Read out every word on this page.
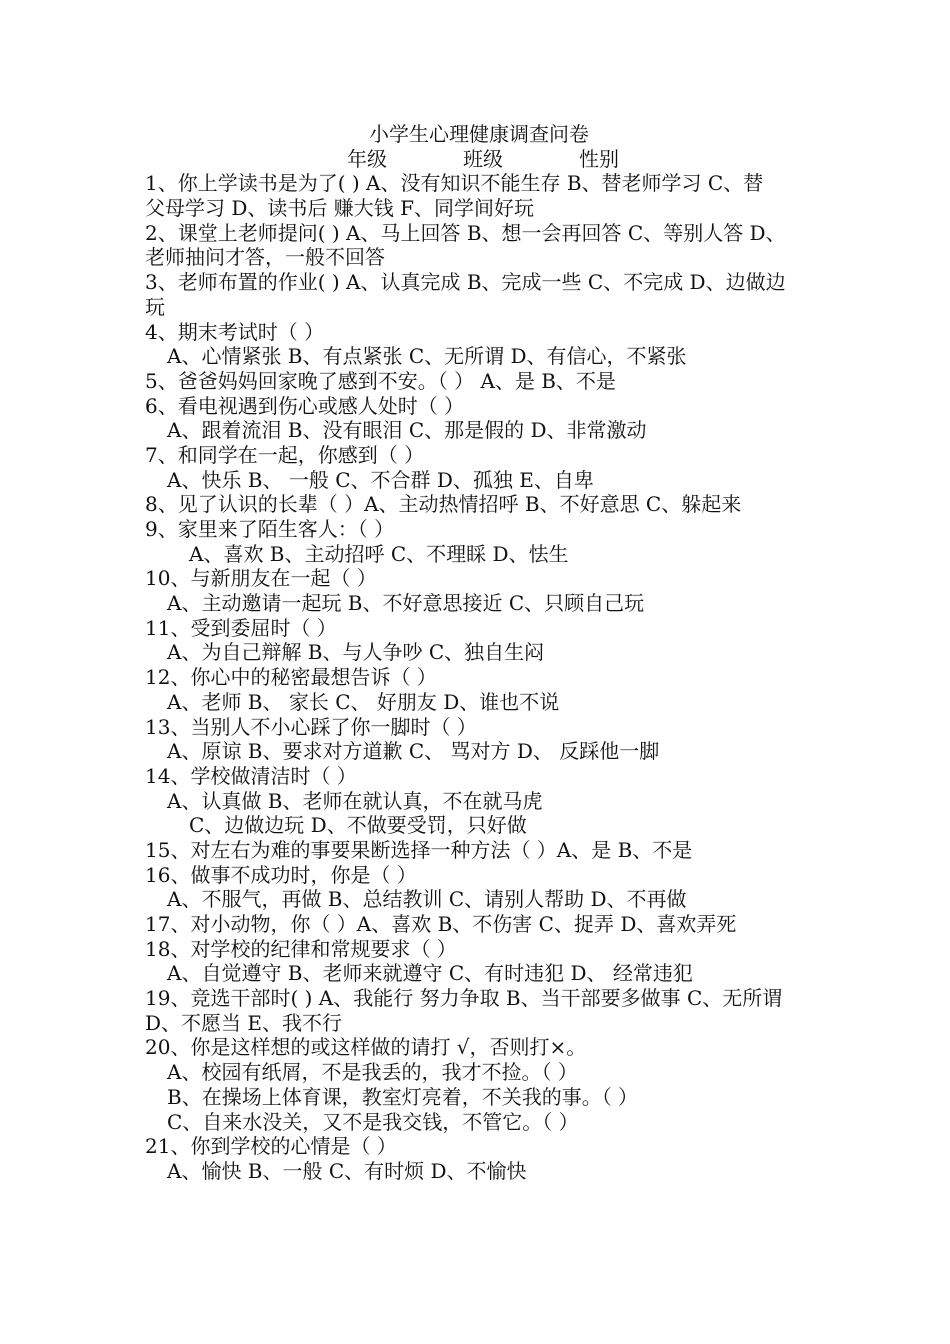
小学生心理健康调查问卷
年级	班级	性别
1、你上学读书是为了( ) A、没有知识不能生存 B、替老师学习 C、替
父母学习 D、读书后 赚大钱 F、同学间好玩
2、课堂上老师提问( ) A、马上回答 B、想一会再回答 C、等别人答 D、
老师抽问才答，一般不回答
3、老师布置的作业( ) A、认真完成 B、完成一些 C、不完成 D、边做边
玩
4、期末考试时（ ）
A、心情紧张 B、有点紧张 C、无所谓 D、有信心，不紧张
5、爸爸妈妈回家晚了感到不安。（ ） A、是 B、不是
6、看电视遇到伤心或感人处时（ ）
A、跟着流泪 B、没有眼泪 C、那是假的 D、非常激动
7、和同学在一起，你感到（ ）
A、快乐 B、 一般 C、不合群 D、孤独 E、自卑
8、见了认识的长辈（ ）A、主动热情招呼 B、不好意思 C、躲起来
9、家里来了陌生客人：（ ）
A、喜欢 B、主动招呼 C、不理睬 D、怯生
10、与新朋友在一起（ ）
A、主动邀请一起玩 B、不好意思接近 C、只顾自己玩
11、受到委屈时（ ）
A、为自己辩解 B、与人争吵 C、独自生闷
12、你心中的秘密最想告诉（ ）
A、老师 B、 家长 C、 好朋友 D、谁也不说
13、当别人不小心踩了你一脚时（ ）
A、原谅 B、要求对方道歉 C、 骂对方 D、 反踩他一脚
14、学校做清洁时（ ）
A、认真做 B、老师在就认真，不在就马虎
C、边做边玩 D、不做要受罚，只好做
15、对左右为难的事要果断选择一种方法（ ）A、是 B、不是
16、做事不成功时，你是（ ）
A、不服气，再做 B、总结教训 C、请别人帮助 D、不再做
17、对小动物，你（ ）A、喜欢 B、不伤害 C、捉弄 D、喜欢弄死
18、对学校的纪律和常规要求（ ）
A、自觉遵守 B、老师来就遵守 C、有时违犯 D、 经常违犯
19、竞选干部时( ) A、我能行 努力争取 B、当干部要多做事 C、无所谓
D、不愿当 E、我不行
20、你是这样想的或这样做的请打 √，否则打×。
A、校园有纸屑，不是我丢的，我才不捡。（ ）
B、在操场上体育课，教室灯亮着，不关我的事。（ ）
C、自来水没关，又不是我交钱，不管它。（ ）
21、你到学校的心情是（ ）
A、愉快 B、一般 C、有时烦 D、不愉快
